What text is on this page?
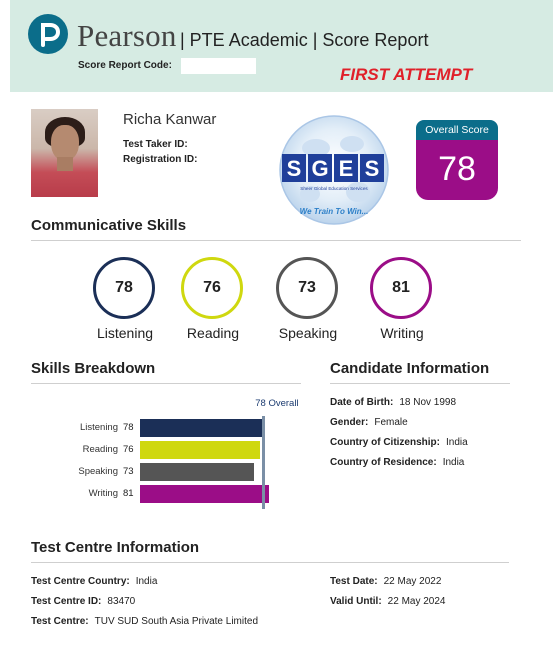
Pearson | PTE Academic | Score Report
Score Report Code:	FIRST ATTEMPT
Richa Kanwar
Test Taker ID:
Registration ID:	S G E S
Sheer Global Education Services
We Train To Win...
Overall Score
78
Communicative Skills
78
Listening
76
Reading
73
Speaking
81
Writing
Skills Breakdown
Listening 78
Reading 76
Speaking 73
Writing 81
78 Overall
Candidate Information
Date of Birth: 18 Nov 1998
Gender: Female
Country of Citizenship: India
Country of Residence: India
Test Centre Information
Test Centre Country: India
Test Centre ID: 83470
Test Centre: TUV SUD South Asia Private Limited
Test Date: 22 May 2022
Valid Until: 22 May 2024
